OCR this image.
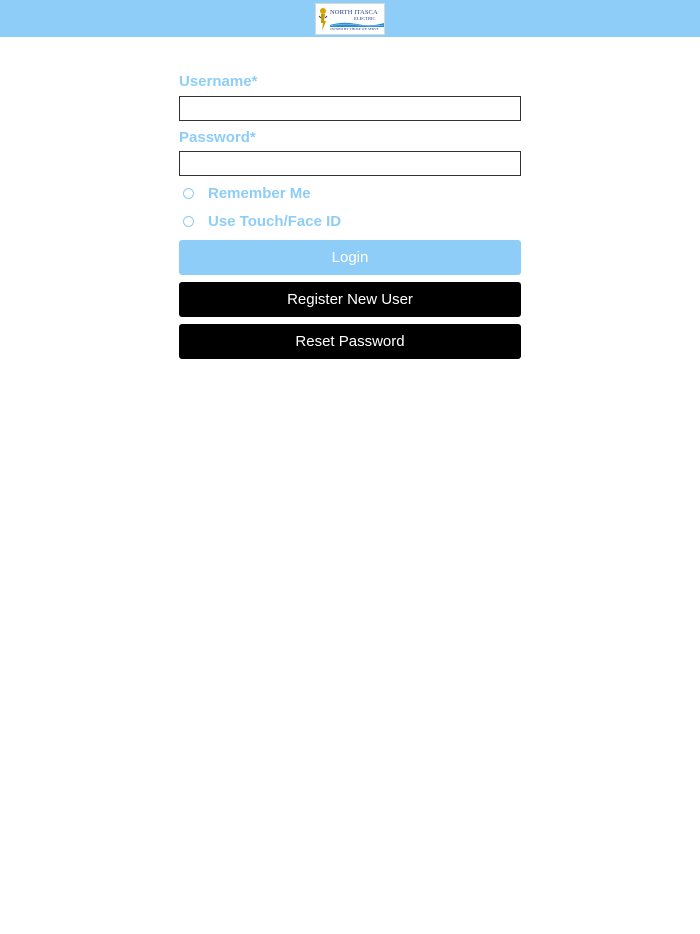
NORTH ITASCA
ELECTRIC
OWNED BY THOSE WE SERVE
Username*
Password*
Remember Me
Use Touch/Face ID
Login
Register New User
Reset Password
